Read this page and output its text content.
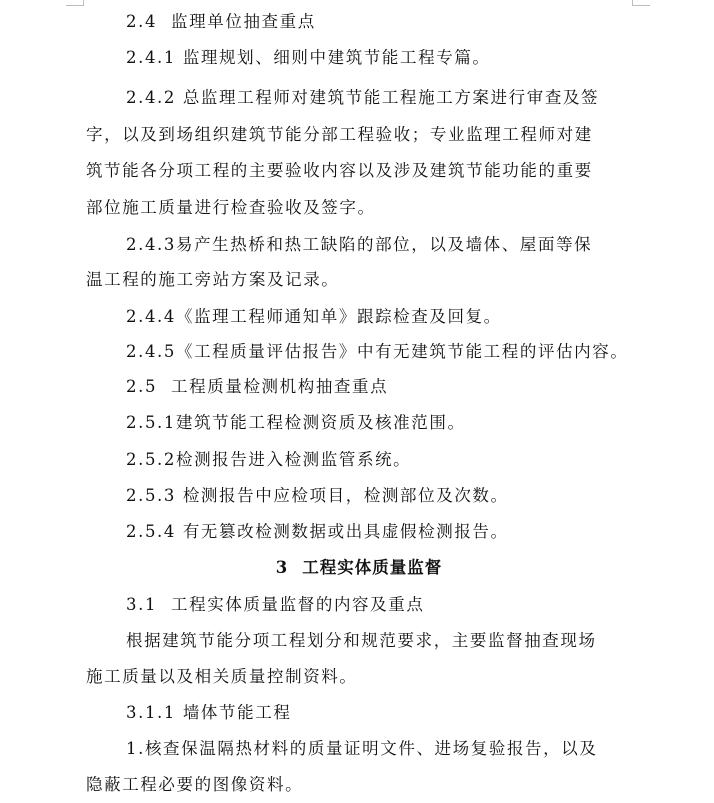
2.4 监理单位抽查重点
2.4.1 监理规划、细则中建筑节能工程专篇。
2.4.2 总监理工程师对建筑节能工程施工方案进行审查及签
字，以及到场组织建筑节能分部工程验收；专业监理工程师对建
筑节能各分项工程的主要验收内容以及涉及建筑节能功能的重要
部位施工质量进行检查验收及签字。
2.4.3易产生热桥和热工缺陷的部位，以及墙体、屋面等保
温工程的施工旁站方案及记录。
2.4.4《监理工程师通知单》跟踪检查及回复。
2.4.5《工程质量评估报告》中有无建筑节能工程的评估内容。
2.5 工程质量检测机构抽查重点
2.5.1建筑节能工程检测资质及核准范围。
2.5.2检测报告进入检测监管系统。
2.5.3 检测报告中应检项目，检测部位及次数。
2.5.4 有无篡改检测数据或出具虚假检测报告。
3 工程实体质量监督
3.1 工程实体质量监督的内容及重点
根据建筑节能分项工程划分和规范要求，主要监督抽查现场
施工质量以及相关质量控制资料。
3.1.1 墙体节能工程
1.核查保温隔热材料的质量证明文件、进场复验报告，以及
隐蔽工程必要的图像资料。
